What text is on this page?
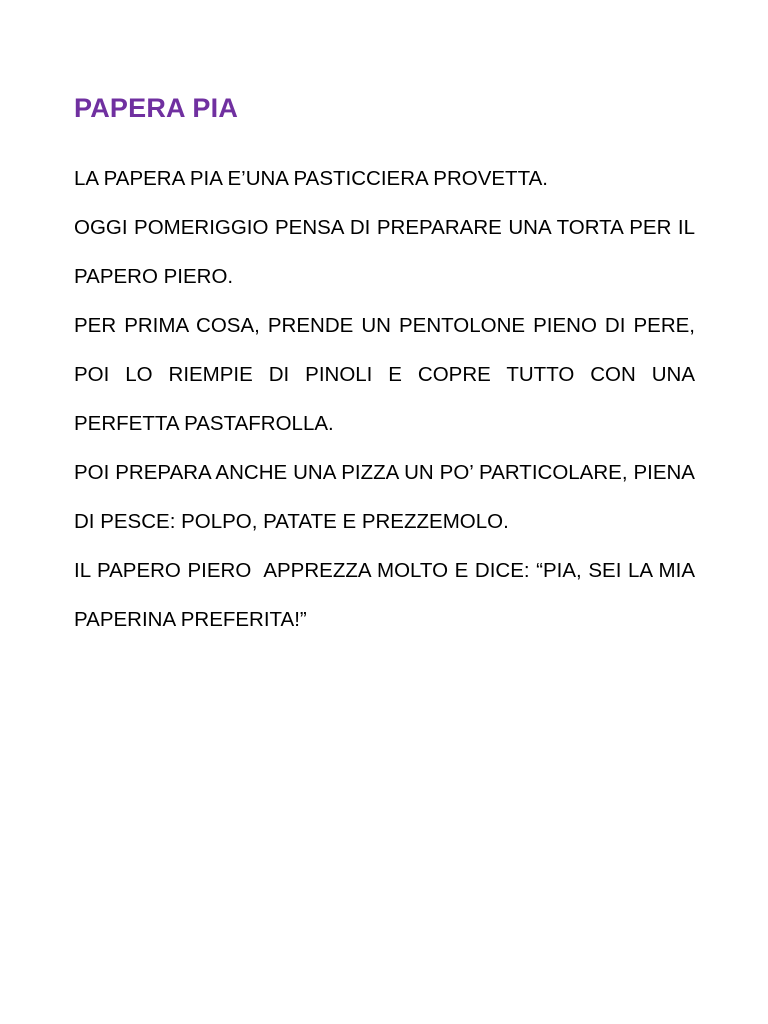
PAPERA PIA

LA PAPERA PIA E’UNA PASTICCIERA PROVETTA.

OGGI POMERIGGIO PENSA DI PREPARARE UNA TORTA PER IL PAPERO PIERO.

PER PRIMA COSA, PRENDE UN PENTOLONE PIENO DI PERE, POI LO RIEMPIE DI PINOLI E COPRE TUTTO CON UNA PERFETTA PASTAFROLLA.

POI PREPARA ANCHE UNA PIZZA UN PO’ PARTICOLARE, PIENA DI PESCE: POLPO, PATATE E PREZZEMOLO.

IL PAPERO PIERO  APPREZZA MOLTO E DICE: “PIA, SEI LA MIA PAPERINA PREFERITA!”
